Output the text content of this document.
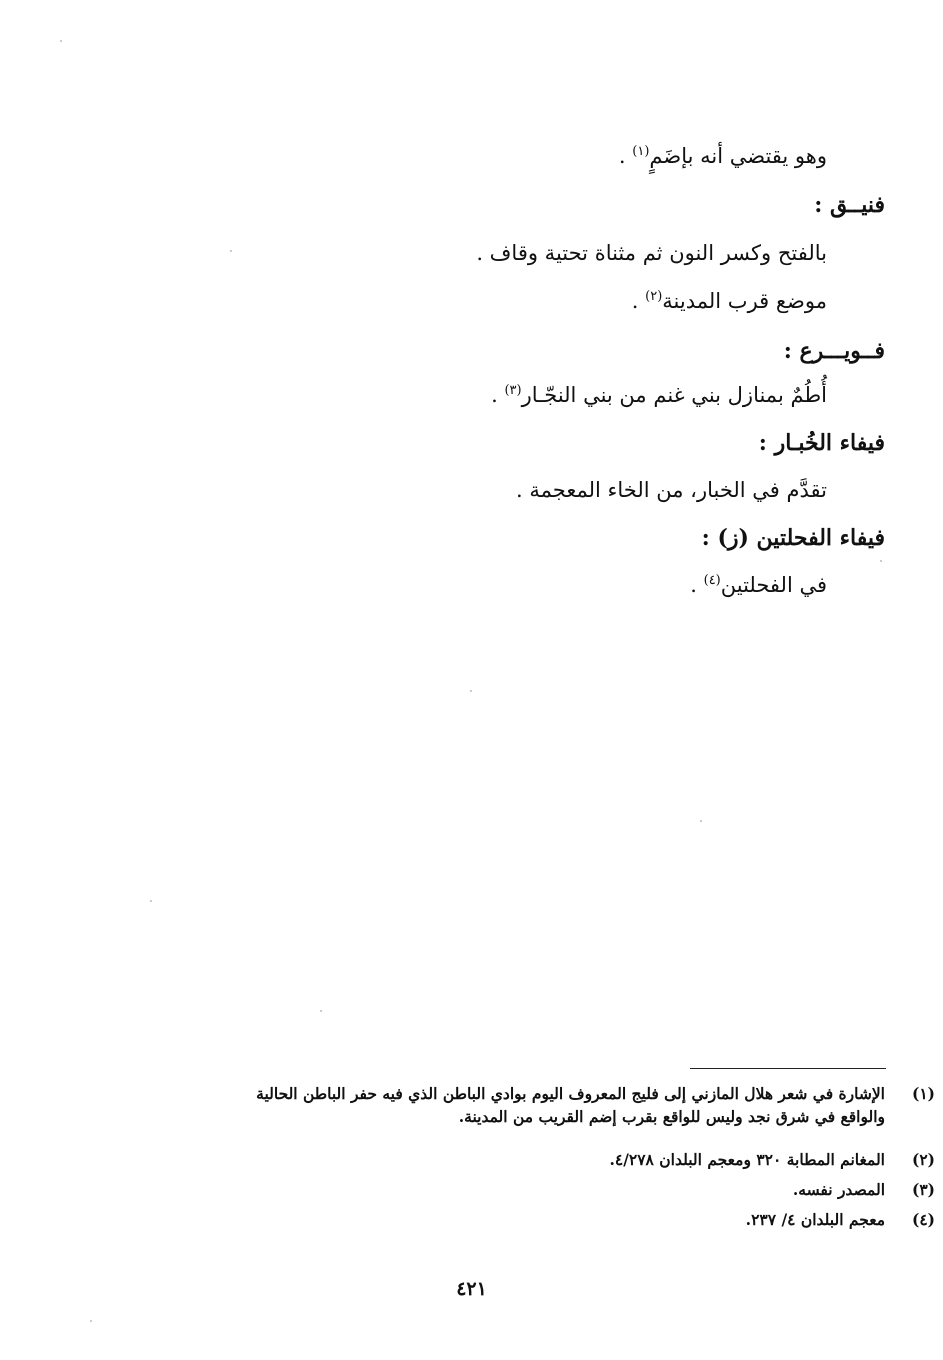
وهو يقتضي أنه بإضَمٍ$^{(١)}$ .
فنيــق :
بالفتح وكسر النون ثم مثناة تحتية وقاف .
موضع قرب المدينة$^{(٢)}$ .
فــويـــرع :
أُطُمٌ بمنازل بني غنم من بني النجّـار$^{(٣)}$ .
فيفاء الخُبـار :
تقدَّم في الخبار، من الخاء المعجمة .
فيفاء الفحلتين (ز) :
في الفحلتين$^{(٤)}$ .
(١)
الإشارة في شعر هلال المازني إلى فليج المعروف اليوم بوادي الباطن الذي فيه حفر الباطن الحالية
والواقع في شرق نجد وليس للواقع بقرب إضم القريب من المدينة.
(٢)
المغانم المطابة ٣٢٠ ومعجم البلدان ٤/٢٧٨.
(٣)
المصدر نفسه.
(٤)
معجم البلدان ٤/ ٢٣٧.
٤٢١
